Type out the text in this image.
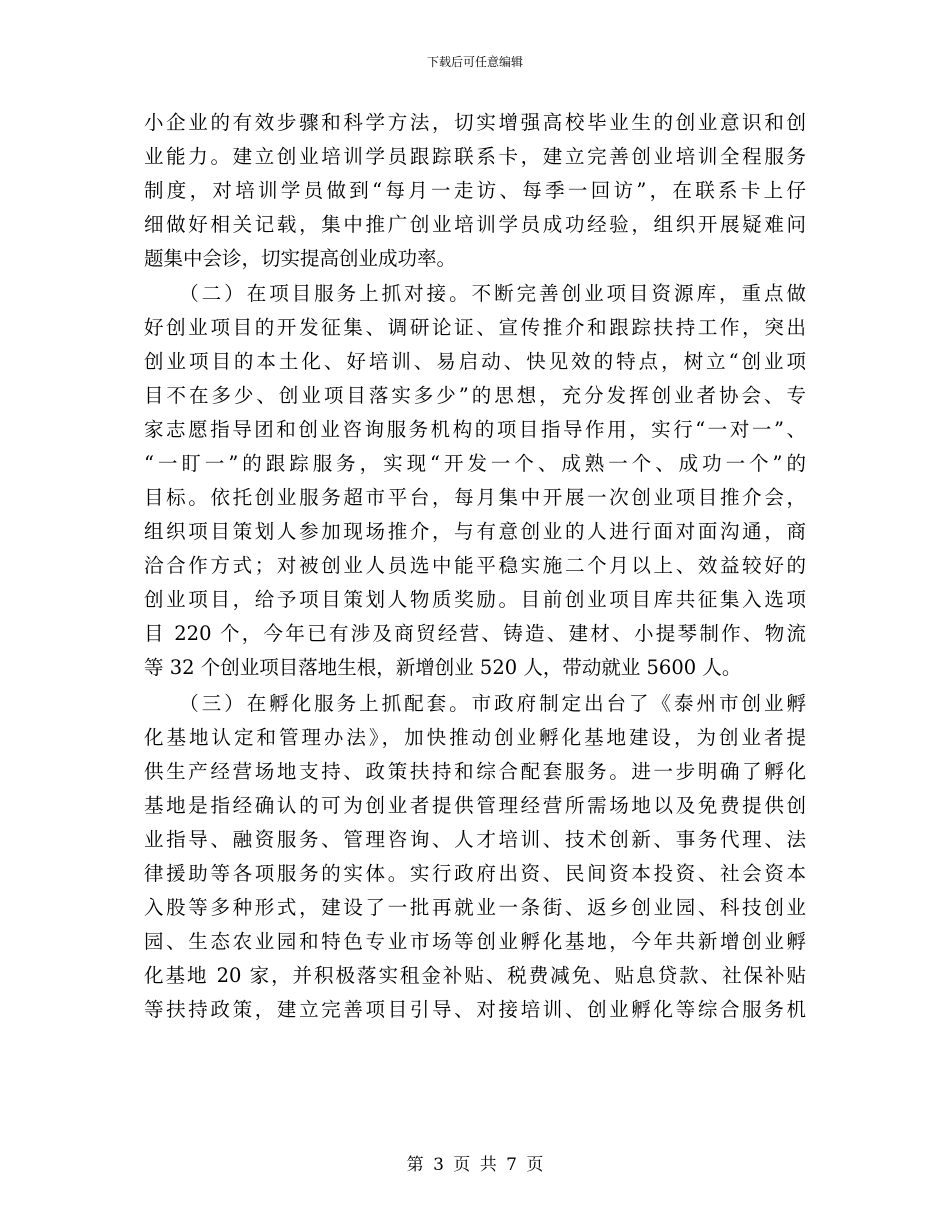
下载后可任意编辑
小企业的有效步骤和科学方法，切实增强高校毕业生的创业意识和创
业能力。建立创业培训学员跟踪联系卡，建立完善创业培训全程服务
制度，对培训学员做到“每月一走访、每季一回访”，在联系卡上仔
细做好相关记载，集中推广创业培训学员成功经验，组织开展疑难问
题集中会诊，切实提高创业成功率。
　　（二）在项目服务上抓对接。不断完善创业项目资源库，重点做
好创业项目的开发征集、调研论证、宣传推介和跟踪扶持工作，突出
创业项目的本土化、好培训、易启动、快见效的特点，树立“创业项
目不在多少、创业项目落实多少”的思想，充分发挥创业者协会、专
家志愿指导团和创业咨询服务机构的项目指导作用，实行“一对一”、
“一盯一”的跟踪服务，实现“开发一个、成熟一个、成功一个”的
目标。依托创业服务超市平台，每月集中开展一次创业项目推介会，
组织项目策划人参加现场推介，与有意创业的人进行面对面沟通，商
洽合作方式；对被创业人员选中能平稳实施二个月以上、效益较好的
创业项目，给予项目策划人物质奖励。目前创业项目库共征集入选项
目 220 个，今年已有涉及商贸经营、铸造、建材、小提琴制作、物流
等 32 个创业项目落地生根，新增创业 520 人，带动就业 5600 人。
　　（三）在孵化服务上抓配套。市政府制定出台了《泰州市创业孵
化基地认定和管理办法》，加快推动创业孵化基地建设，为创业者提
供生产经营场地支持、政策扶持和综合配套服务。进一步明确了孵化
基地是指经确认的可为创业者提供管理经营所需场地以及免费提供创
业指导、融资服务、管理咨询、人才培训、技术创新、事务代理、法
律援助等各项服务的实体。实行政府出资、民间资本投资、社会资本
入股等多种形式，建设了一批再就业一条街、返乡创业园、科技创业
园、生态农业园和特色专业市场等创业孵化基地，今年共新增创业孵
化基地 20 家，并积极落实租金补贴、税费减免、贴息贷款、社保补贴
等扶持政策，建立完善项目引导、对接培训、创业孵化等综合服务机
第 3 页 共 7 页
